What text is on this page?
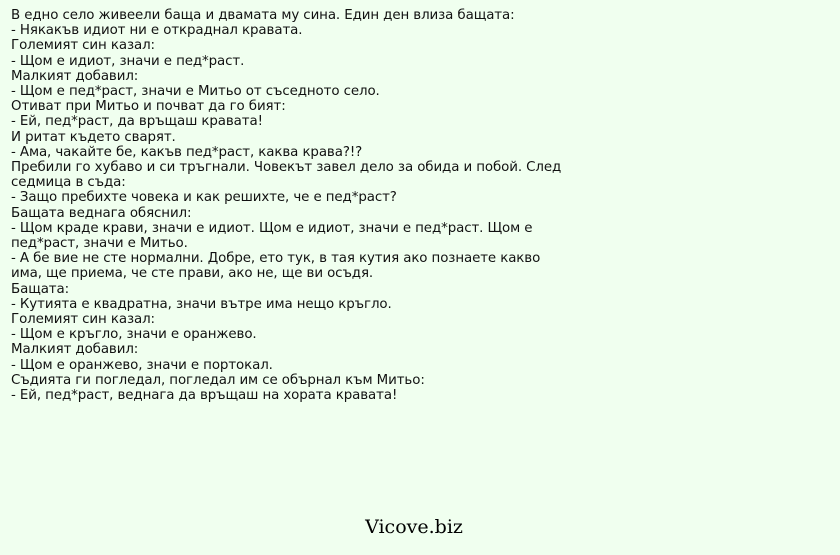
В едно село живеели баща и двамата му сина. Един ден влиза бащата:
- Някакъв идиот ни е откраднал кравата.
Големият син казал:
- Щом е идиот, значи е пед*раст.
Малкият добавил:
- Щом е пед*раст, значи е Митьо от съседното село.
Отиват при Митьо и почват да го бият:
- Ей, пед*раст, да връщаш кравата!
И ритат където сварят.
- Ама, чакайте бе, какъв пед*раст, каква крава?!?
Пребили го хубаво и си тръгнали. Човекът завел дело за обида и побой. След
седмица в съда:
- Защо пребихте човека и как решихте, че е пед*раст?
Бащата веднага обяснил:
- Щом краде крави, значи е идиот. Щом е идиот, значи е пед*раст. Щом е
пед*раст, значи е Митьо.
- А бе вие не сте нормални. Добре, ето тук, в тая кутия ако познаете какво
има, ще приема, че сте прави, ако не, ще ви осъдя.
Бащата:
- Кутията е квадратна, значи вътре има нещо кръгло.
Големият син казал:
- Щом е кръгло, значи е оранжево.
Малкият добавил:
- Щом е оранжево, значи е портокал.
Съдията ги погледал, погледал им се обърнал към Митьо:
- Ей, пед*раст, веднага да връщаш на хората кравата!
Vicove.biz
